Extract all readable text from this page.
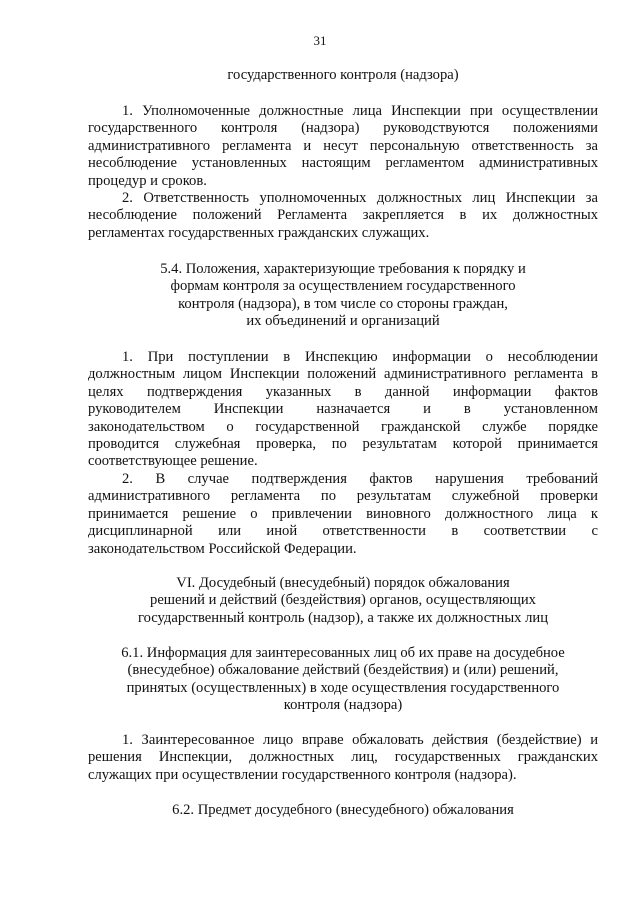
31
государственного контроля (надзора)
1. Уполномоченные должностные лица Инспекции при осуществлении
государственного контроля (надзора) руководствуются положениями
административного регламента и несут персональную ответственность за
несоблюдение установленных настоящим регламентом административных
процедур и сроков.
2. Ответственность уполномоченных должностных лиц Инспекции за
несоблюдение положений Регламента закрепляется в их должностных
регламентах государственных гражданских служащих.
5.4. Положения, характеризующие требования к порядку и
формам контроля за осуществлением государственного
контроля (надзора), в том числе со стороны граждан,
их объединений и организаций
1. При поступлении в Инспекцию информации о несоблюдении
должностным лицом Инспекции положений административного регламента в
целях подтверждения указанных в данной информации фактов
руководителем Инспекции назначается и в установленном
законодательством о государственной гражданской службе порядке
проводится служебная проверка, по результатам которой принимается
соответствующее решение.
2. В случае подтверждения фактов нарушения требований
административного регламента по результатам служебной проверки
принимается решение о привлечении виновного должностного лица к
дисциплинарной или иной ответственности в соответствии с
законодательством Российской Федерации.
VI. Досудебный (внесудебный) порядок обжалования
решений и действий (бездействия) органов, осуществляющих
государственный контроль (надзор), а также их должностных лиц
6.1. Информация для заинтересованных лиц об их праве на досудебное
(внесудебное) обжалование действий (бездействия) и (или) решений,
принятых (осуществленных) в ходе осуществления государственного
контроля (надзора)
1. Заинтересованное лицо вправе обжаловать действия (бездействие) и
решения Инспекции, должностных лиц, государственных гражданских
служащих при осуществлении государственного контроля (надзора).
6.2. Предмет досудебного (внесудебного) обжалования
